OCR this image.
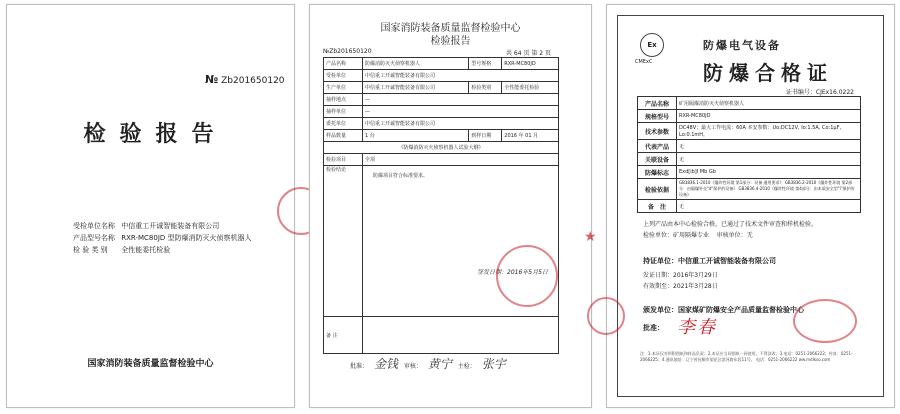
№ Zb201650120
检验报告
受检单位名称 中信重工开诚智能装备有限公司
产品型号名称 RXR-MC80JD 型防爆消防灭火侦察机器人
检 验 类 别 全性能委托检验
国家消防装备质量监督检验中心
国家消防装备质量监督检验中心
检验报告
№Zb201650120	共 64 页 第 2 页
产品名称	防爆消防灭火侦察机器人	型号规格	RXR-MC80JD
受检单位	中信重工开诚智能装备有限公司		
生产单位	中信重工开诚智能装备有限公司	检验类别	全性能委托检验
抽样地点	—		
抽样单位	—		
委托单位	中信重工开诚智能装备有限公司		
样品数量	1 台	到样日期	2016 年 01 月
《防爆消防灭火侦察机器人试验大纲》			
检验项目	全项		
检验结论	防爆项目符合标准要求。
签发日期：2016年5月5日		

备 注			
★
批准： 金钱 审核： 黄宁 主检： 张宇
Ex
CMExC
防爆电气设备
防爆合格证
证书编号：CJEx16.0222
产品名称	矿用隔爆消防灭火侦察机器人
规格型号	RXR-MC80JD
技术参数	DC48V；最大工作电流：60A 本安参数：Uo:DC12V, Io:1.5A, Co:1μF, Lo:0.1mH。
代表产品	无
关联设备	无
防爆标志	Exd[ib]I Mb Gb
检验依据	GB3836.1-2010《爆炸性环境 第1部分：设备 通用要求》 GB3836.2-2010《爆炸性环境 第2部分：由隔爆外壳"d"保护的设备》 GB3836.4-2010《爆炸性环境 第4部分：由本质安全型"i"保护的设备》
备　注	无
上列产品由本中心检验合格，已通过了技术文件审查和样机检验。
检验单位：矿用隔爆专业 审核单位：无
持证单位：中信重工开诚智能装备有限公司
发证日期：2016年3月29日
有效期至：2021年3月28日
颁发单位：国家煤矿防爆安全产品质量监督检验中心
批准： 李春
注：1.本证仅对所附图纸和样品负责；2.本证应当同图纸一同使用，不得涂改；3.电话：0251-2066222；传真：0251-2066225；4.通讯地址：辽宁省抚顺市望花区滨河路东段11号。 电话：0251-2066222 ww.mdlkso.com
